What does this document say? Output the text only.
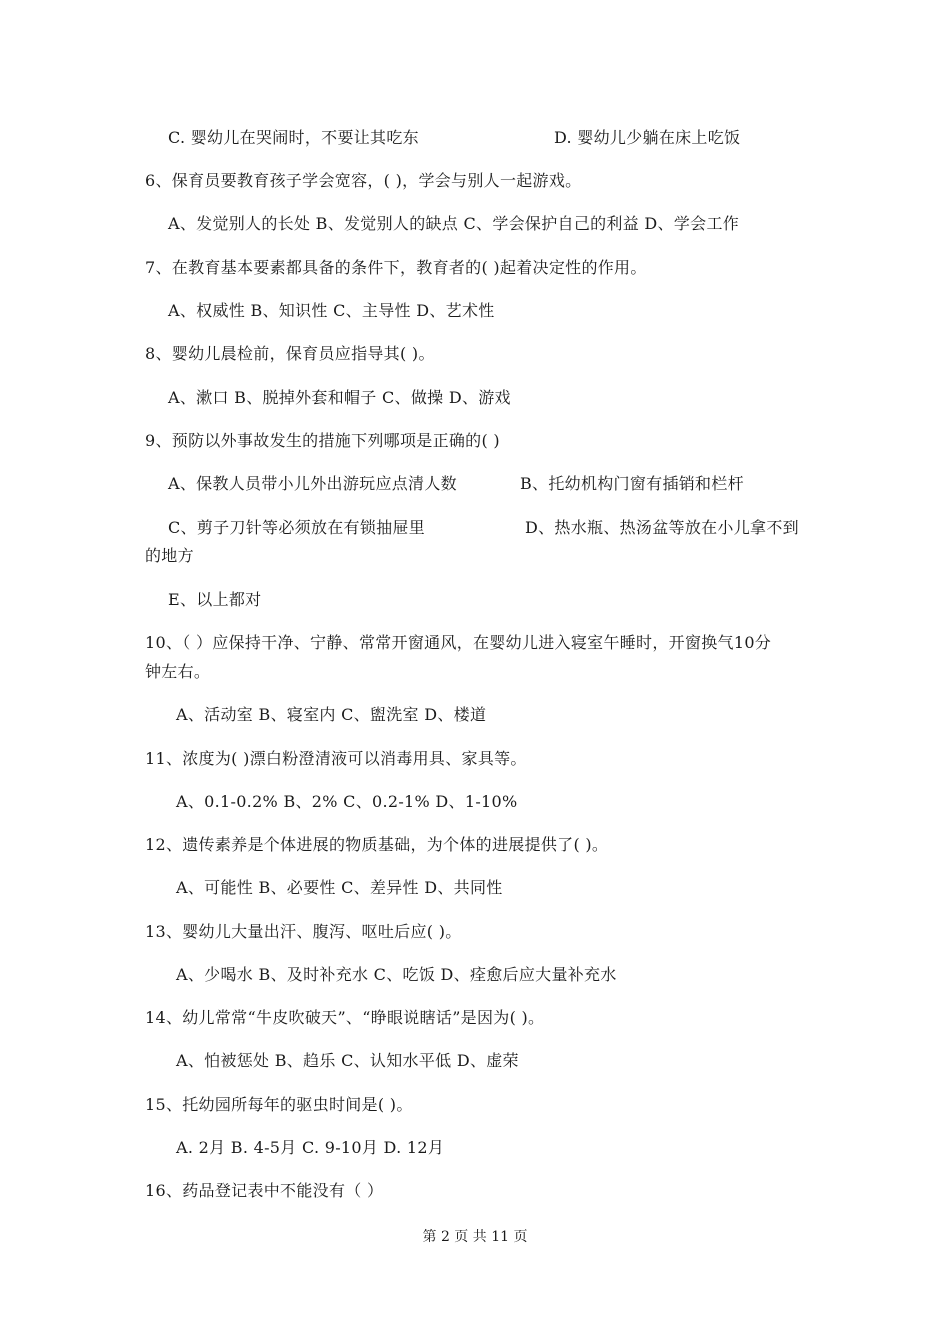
C. 婴幼儿在哭闹时，不要让其吃东	D. 婴幼儿少躺在床上吃饭
6、保育员要教育孩子学会宽容，( )，学会与别人一起游戏。
A、发觉别人的长处 B、发觉别人的缺点 C、学会保护自己的利益 D、学会工作
7、在教育基本要素都具备的条件下，教育者的( )起着决定性的作用。
A、权威性 B、知识性 C、主导性 D、艺术性
8、婴幼儿晨检前，保育员应指导其( )。
A、漱口 B、脱掉外套和帽子 C、做操 D、游戏
9、预防以外事故发生的措施下列哪项是正确的( )
A、保教人员带小儿外出游玩应点清人数	B、托幼机构门窗有插销和栏杆
C、剪子刀针等必须放在有锁抽屉里	D、热水瓶、热汤盆等放在小儿拿不到
的地方
E、以上都对
10、（ ）应保持干净、宁静、常常开窗通风，在婴幼儿进入寝室午睡时，开窗换气10分
钟左右。
A、活动室 B、寝室内 C、盥洗室 D、楼道
11、浓度为( )漂白粉澄清液可以消毒用具、家具等。
A、0.1-0.2% B、2% C、0.2-1% D、1-10%
12、遗传素养是个体进展的物质基础，为个体的进展提供了( )。
A、可能性 B、必要性 C、差异性 D、共同性
13、婴幼儿大量出汗、腹泻、呕吐后应( )。
A、少喝水 B、及时补充水 C、吃饭 D、痊愈后应大量补充水
14、幼儿常常“牛皮吹破天”、“睁眼说瞎话”是因为( )。
A、怕被惩处 B、趋乐 C、认知水平低 D、虚荣
15、托幼园所每年的驱虫时间是( )。
A. 2月 B. 4-5月 C. 9-10月 D. 12月
16、药品登记表中不能没有（ ）
第 2 页 共 11 页
